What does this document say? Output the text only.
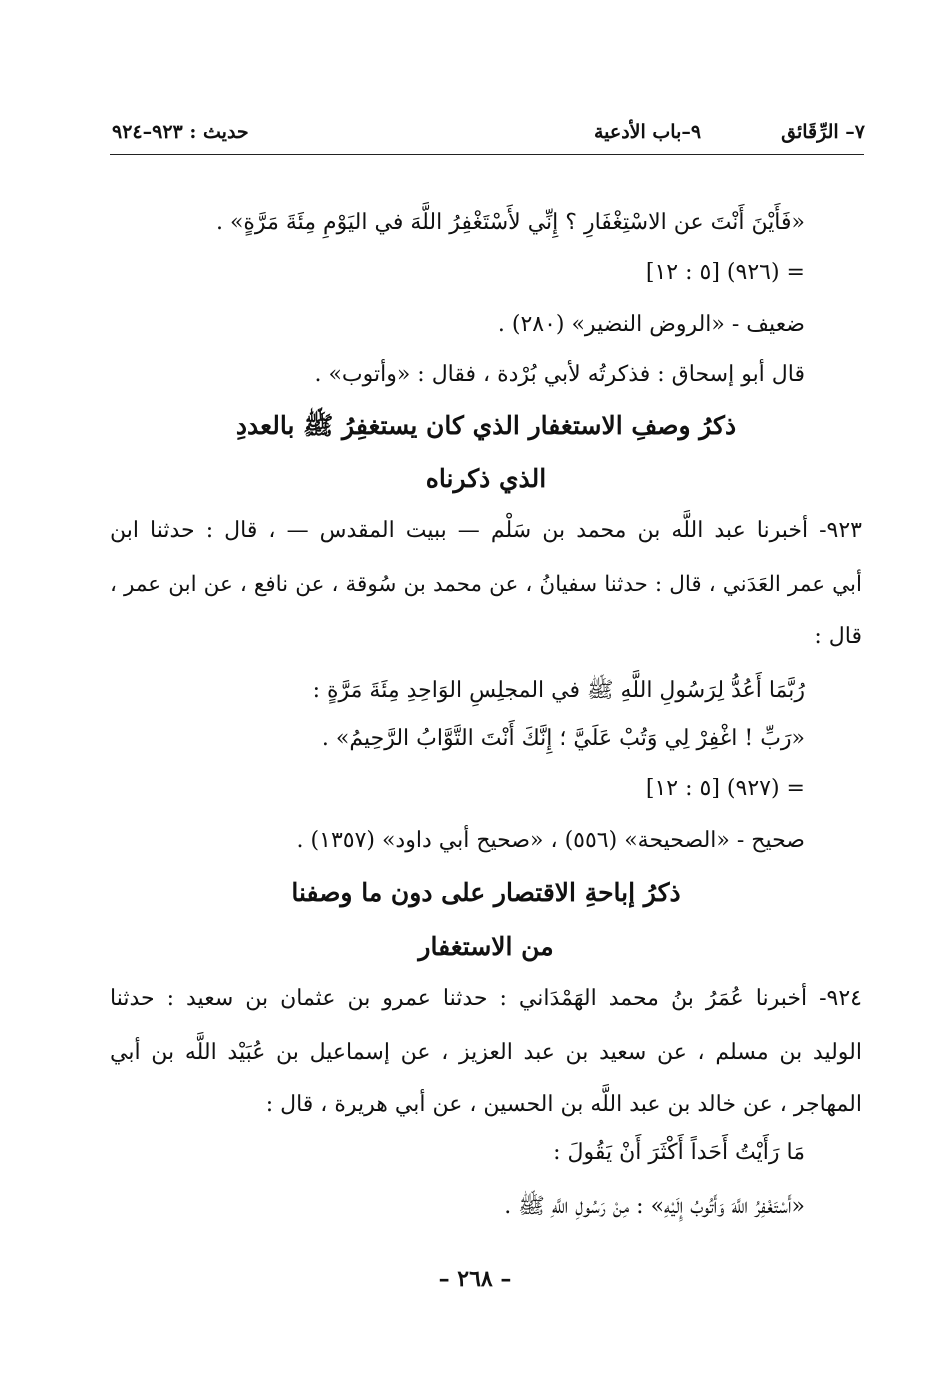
٧– الرِّقَائق
٩–باب الأدعية
حديث : ٩٢٣–٩٢٤
«فَأَيْنَ أَنْتَ عن الاسْتِغْفَارِ ؟ إِنِّي لأَسْتَغْفِرُ اللَّهَ في اليَوْمِ مِئَةَ مَرَّةٍ» .
= (٩٢٦) [٥ : ١٢]
ضعيف - «الروض النضير» (٢٨٠) .
قال أبو إسحاق : فذكرتُه لأبي بُرْدة ، فقال : «وأتوب» .
ذكرُ وصفِ الاستغفار الذي كان يستغفِرُ ﷺ بالعددِ
الذي ذكرناه
٩٢٣- أخبرنا عبد اللَّه بن محمد بن سَلْم — ببيت المقدس — ، قال : حدثنا ابن
أبي عمر العَدَني ، قال : حدثنا سفيانُ ، عن محمد بن سُوقة ، عن نافع ، عن ابن عمر ،
قال :
رُبَّمَا أَعُدُّ لِرَسُولِ اللَّهِ ﷺ في المجلِسِ الوَاحِدِ مِئَةَ مَرَّةٍ :
«رَبِّ ! اغْفِرْ لِي وَتُبْ عَلَيَّ ؛ إِنَّكَ أَنْتَ التَّوَّابُ الرَّحِيمُ» .
= (٩٢٧) [٥ : ١٢]
صحيح - «الصحيحة» (٥٥٦) ، «صحيح أبي داود» (١٣٥٧) .
ذكرُ إباحةِ الاقتصار على دون ما وصفنا
من الاستغفار
٩٢٤- أخبرنا عُمَرُ بنُ محمد الهَمْدَاني : حدثنا عمرو بن عثمان بن سعيد : حدثنا
الوليد بن مسلم ، عن سعيد بن عبد العزيز ، عن إسماعيل بن عُبَيْد اللَّه بن أبي
المهاجر ، عن خالد بن عبد اللَّه بن الحسين ، عن أبي هريرة ، قال :
مَا رَأَيْتُ أَحَداً أَكْثَرَ أَنْ يَقُولَ :
«أَسْتَغْفِرُ اللَّهَ وَأَتُوبُ إِلَيْهِ» : مِنْ رَسُولِ اللَّهِ ﷺ .
– ٢٦٨ –
